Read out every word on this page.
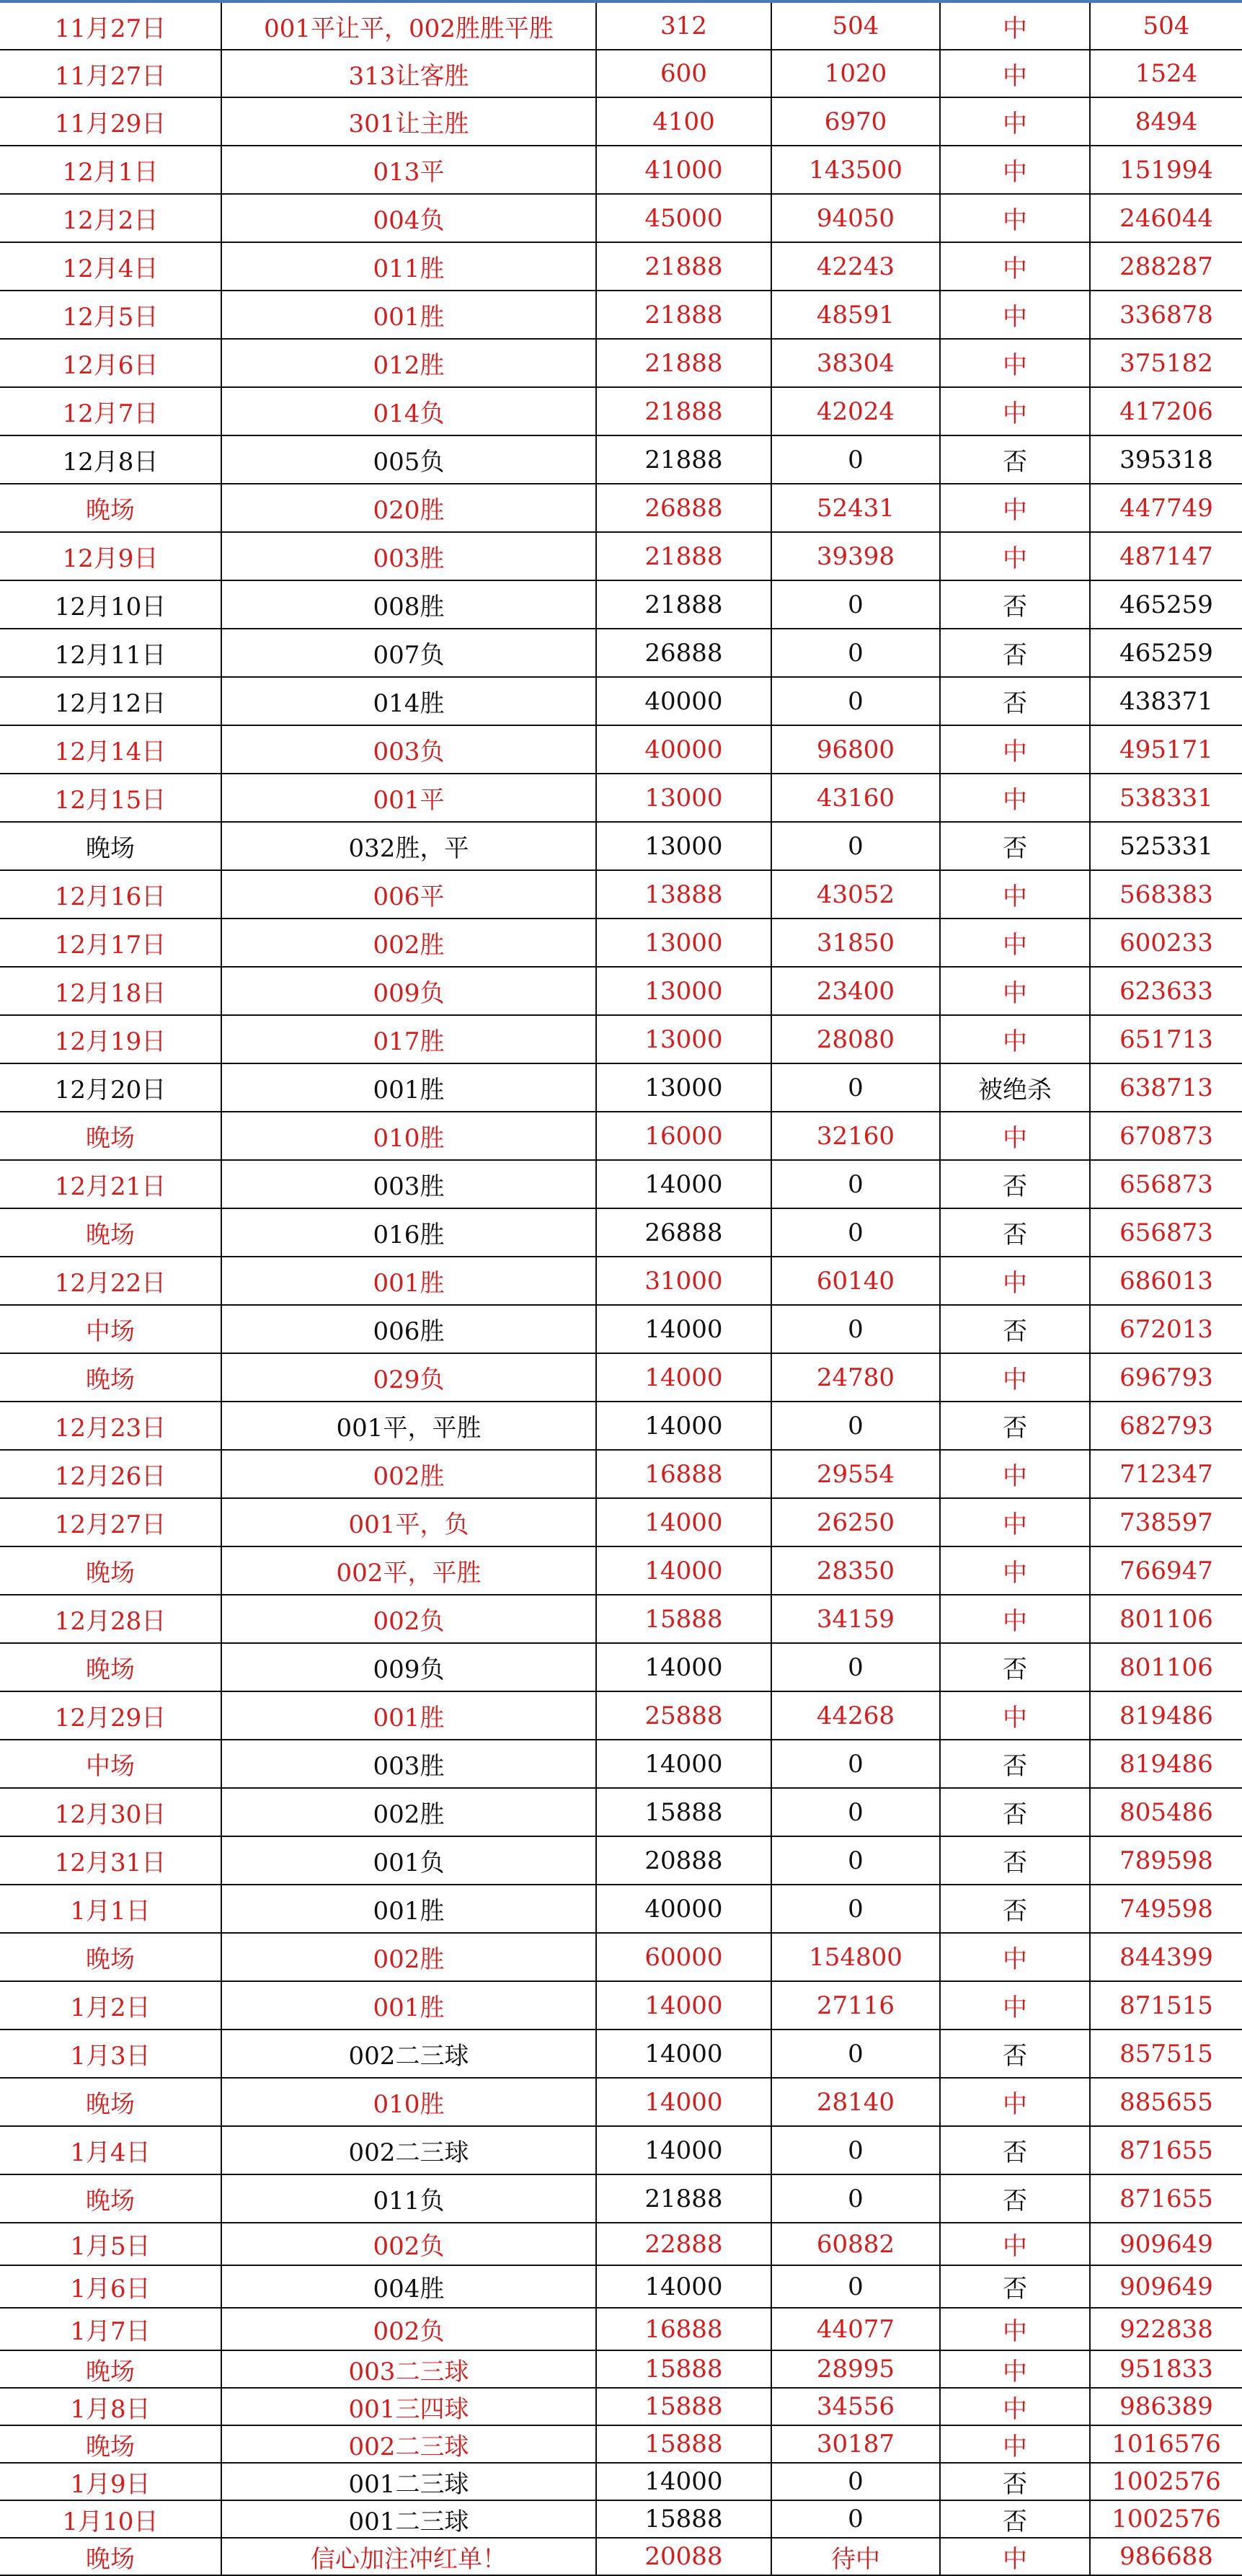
11月27日	001平让平，002胜胜平胜	312	504	中	504
11月27日	313让客胜	600	1020	中	1524
11月29日	301让主胜	4100	6970	中	8494
12月1日	013平	41000	143500	中	151994
12月2日	004负	45000	94050	中	246044
12月4日	011胜	21888	42243	中	288287
12月5日	001胜	21888	48591	中	336878
12月6日	012胜	21888	38304	中	375182
12月7日	014负	21888	42024	中	417206
12月8日	005负	21888	0	否	395318
晚场	020胜	26888	52431	中	447749
12月9日	003胜	21888	39398	中	487147
12月10日	008胜	21888	0	否	465259
12月11日	007负	26888	0	否	465259
12月12日	014胜	40000	0	否	438371
12月14日	003负	40000	96800	中	495171
12月15日	001平	13000	43160	中	538331
晚场	032胜，平	13000	0	否	525331
12月16日	006平	13888	43052	中	568383
12月17日	002胜	13000	31850	中	600233
12月18日	009负	13000	23400	中	623633
12月19日	017胜	13000	28080	中	651713
12月20日	001胜	13000	0	被绝杀	638713
晚场	010胜	16000	32160	中	670873
12月21日	003胜	14000	0	否	656873
晚场	016胜	26888	0	否	656873
12月22日	001胜	31000	60140	中	686013
中场	006胜	14000	0	否	672013
晚场	029负	14000	24780	中	696793
12月23日	001平，平胜	14000	0	否	682793
12月26日	002胜	16888	29554	中	712347
12月27日	001平，负	14000	26250	中	738597
晚场	002平，平胜	14000	28350	中	766947
12月28日	002负	15888	34159	中	801106
晚场	009负	14000	0	否	801106
12月29日	001胜	25888	44268	中	819486
中场	003胜	14000	0	否	819486
12月30日	002胜	15888	0	否	805486
12月31日	001负	20888	0	否	789598
1月1日	001胜	40000	0	否	749598
晚场	002胜	60000	154800	中	844399
1月2日	001胜	14000	27116	中	871515
1月3日	002二三球	14000	0	否	857515
晚场	010胜	14000	28140	中	885655
1月4日	002二三球	14000	0	否	871655
晚场	011负	21888	0	否	871655
1月5日	002负	22888	60882	中	909649
1月6日	004胜	14000	0	否	909649
1月7日	002负	16888	44077	中	922838
晚场	003二三球	15888	28995	中	951833
1月8日	001三四球	15888	34556	中	986389
晚场	002二三球	15888	30187	中	1016576
1月9日	001二三球	14000	0	否	1002576
1月10日	001二三球	15888	0	否	1002576
晚场	信心加注冲红单！	20088	待中	中	986688
